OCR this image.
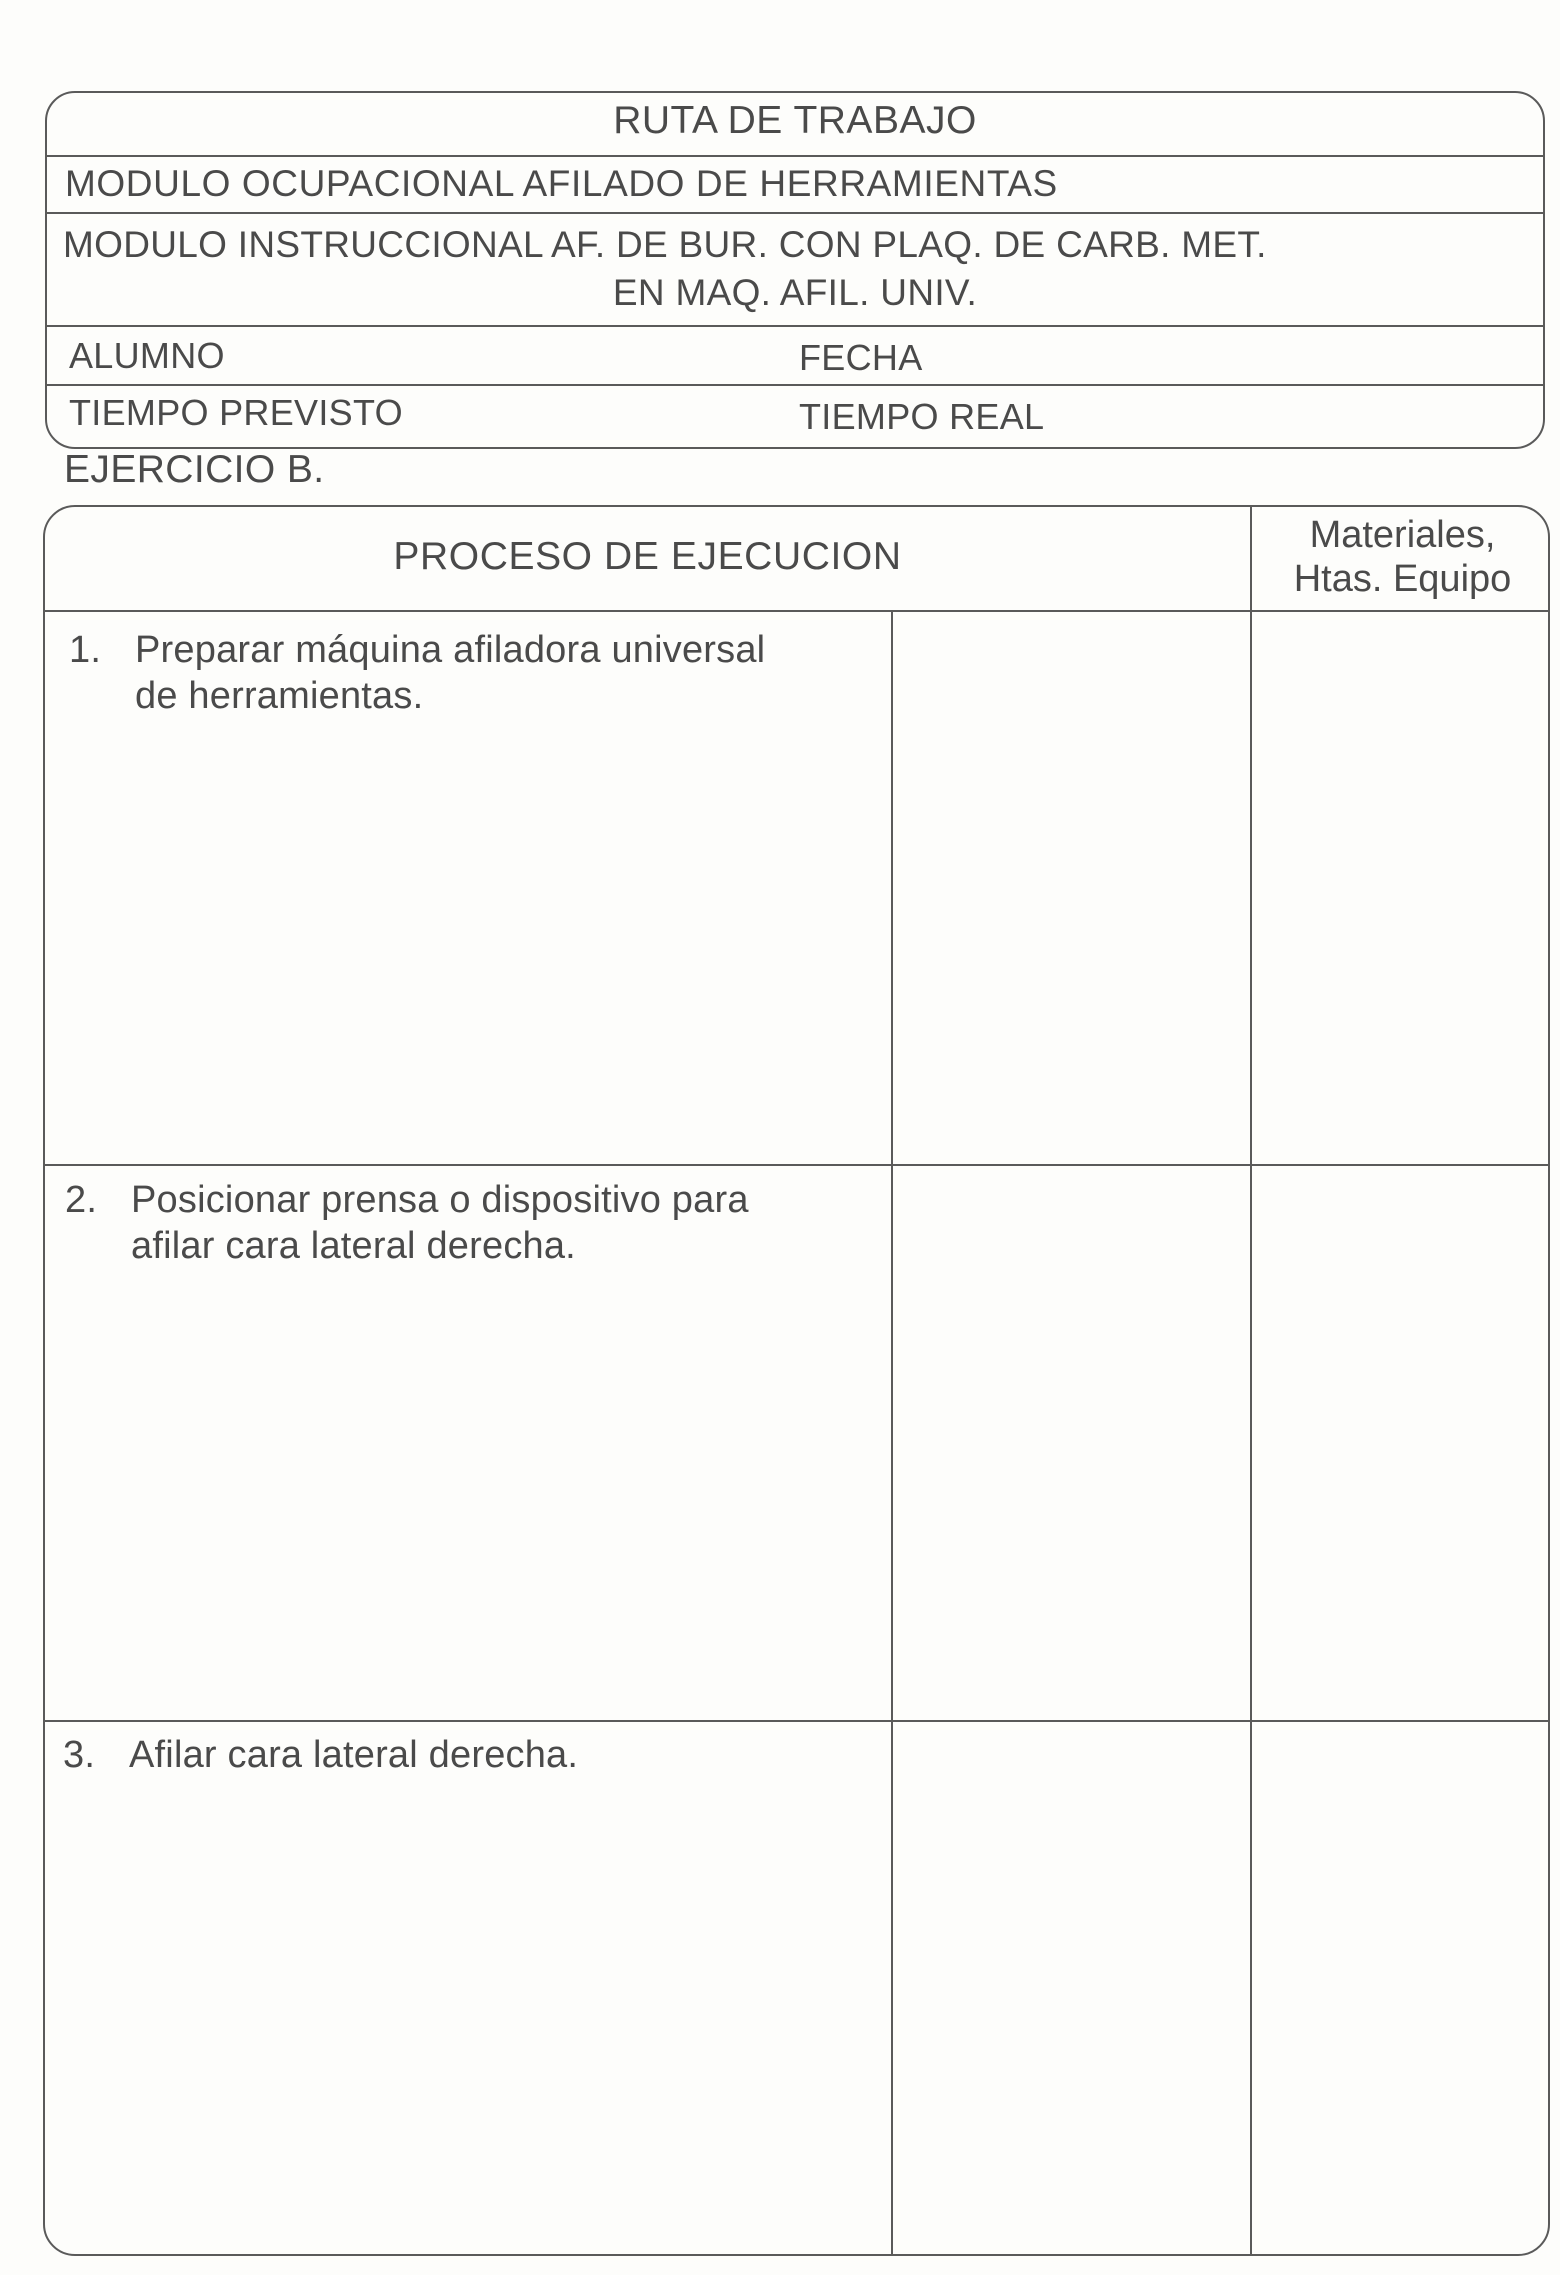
RUTA DE TRABAJO
MODULO OCUPACIONAL AFILADO DE HERRAMIENTAS
MODULO INSTRUCCIONAL AF. DE BUR. CON PLAQ. DE CARB. MET.
EN MAQ. AFIL. UNIV.
ALUMNO	FECHA
TIEMPO PREVISTO	TIEMPO REAL
EJERCICIO B.
PROCESO DE EJECUCION	Materiales,
Htas. Equipo
1. Preparar máquina afiladora universal
de herramientas.
2. Posicionar prensa o dispositivo para
afilar cara lateral derecha.
3. Afilar cara lateral derecha.
